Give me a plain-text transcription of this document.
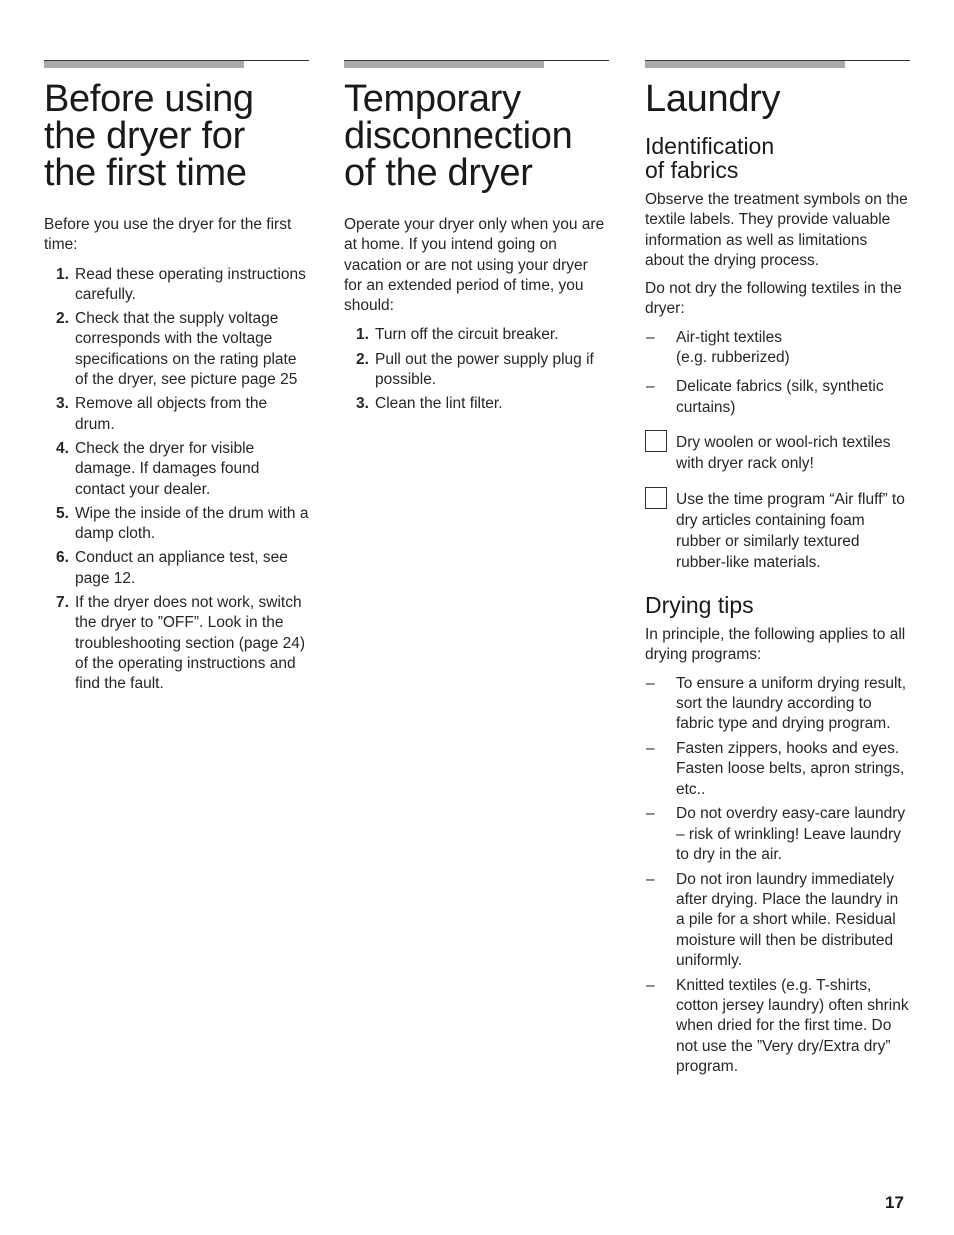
Before using
the dryer for
the first time

Before you use the dryer for the first time:

1. Read these operating instructions carefully.
2. Check that the supply voltage corresponds with the voltage specifications on the rating plate of the dryer, see picture page 25
3. Remove all objects from the drum.
4. Check the dryer for visible damage. If damages found contact your dealer.
5. Wipe the inside of the drum with a damp cloth.
6. Conduct an appliance test, see page 12.
7. If the dryer does not work, switch the dryer to ”OFF”. Look in the troubleshooting section (page 24) of the operating instructions and find the fault.
Temporary
disconnection
of the dryer

Operate your dryer only when you are at home. If you intend going on vacation or are not using your dryer for an extended period of time, you should:

1. Turn off the circuit breaker.
2. Pull out the power supply plug if possible.
3. Clean the lint filter.
Laundry
Identification
of fabrics

Observe the treatment symbols on the textile labels. They provide valuable information as well as limitations about the drying process.

Do not dry the following textiles in the dryer:

– Air-tight textiles
(e.g. rubberized)
– Delicate fabrics (silk, synthetic
curtains)
Dry woolen or wool-rich textiles with dryer rack only!
Use the time program “Air fluff” to dry articles containing foam rubber or similarly textured rubber-like materials.
Drying tips

In principle, the following applies to all drying programs:

– To ensure a uniform drying result, sort the laundry according to fabric type and drying program.
– Fasten zippers, hooks and eyes. Fasten loose belts, apron strings, etc..
– Do not overdry easy-care laundry – risk of wrinkling! Leave laundry to dry in the air.
– Do not iron laundry immediately after drying. Place the laundry in a pile for a short while. Residual moisture will then be distributed uniformly.
– Knitted textiles (e.g. T-shirts, cotton jersey laundry) often shrink when dried for the first time. Do not use the ”Very dry/Extra dry” program.
17
